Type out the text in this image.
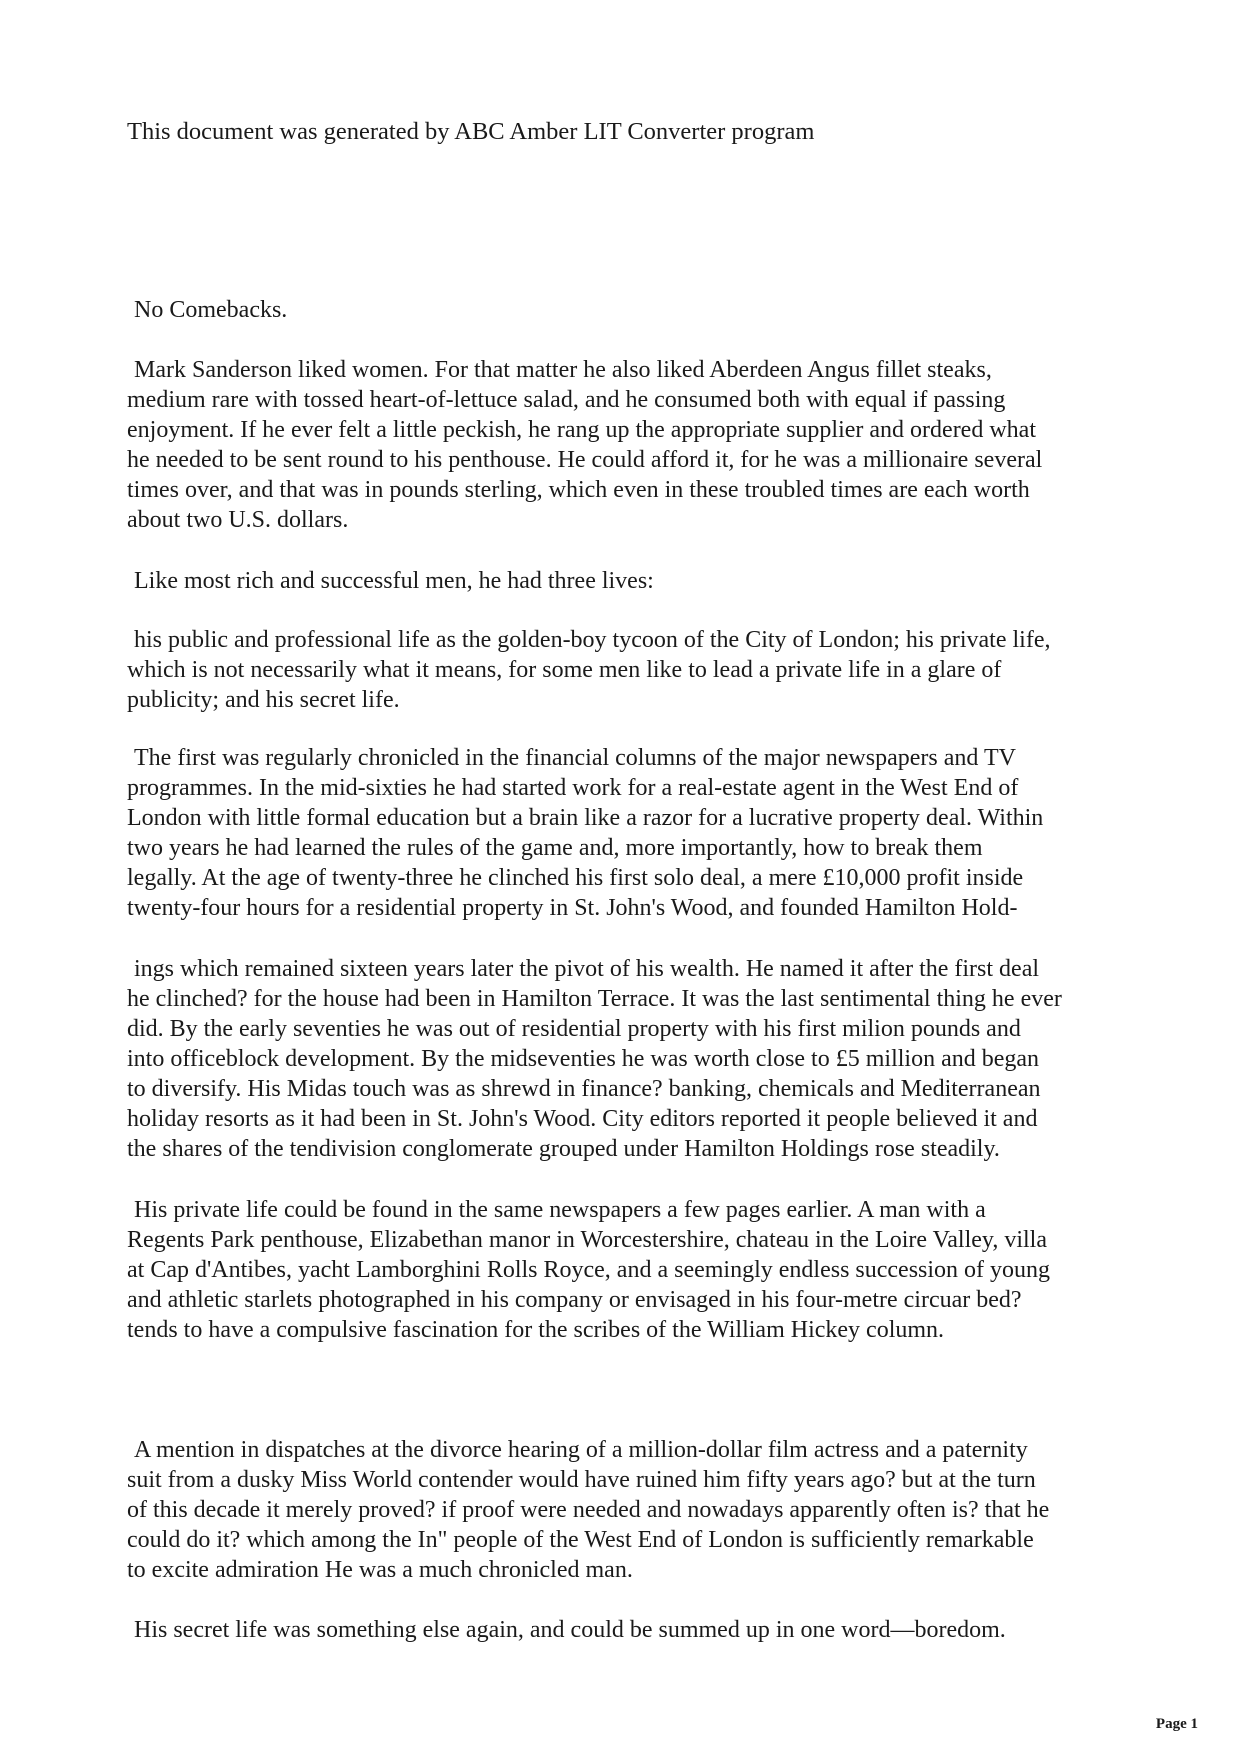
This document was generated by ABC Amber LIT Converter program

No Comebacks.

Mark Sanderson liked women. For that matter he also liked Aberdeen Angus fillet steaks,
medium rare with tossed heart-of-lettuce salad, and he consumed both with equal if passing
enjoyment. If he ever felt a little peckish, he rang up the appropriate supplier and ordered what
he needed to be sent round to his penthouse. He could afford it, for he was a millionaire several
times over, and that was in pounds sterling, which even in these troubled times are each worth
about two U.S. dollars.

Like most rich and successful men, he had three lives:

his public and professional life as the golden-boy tycoon of the City of London; his private life,
which is not necessarily what it means, for some men like to lead a private life in a glare of
publicity; and his secret life.

The first was regularly chronicled in the financial columns of the major newspapers and TV
programmes. In the mid-sixties he had started work for a real-estate agent in the West End of
London with little formal education but a brain like a razor for a lucrative property deal. Within
two years he had learned the rules of the game and, more importantly, how to break them
legally. At the age of twenty-three he clinched his first solo deal, a mere £10,000 profit inside
twenty-four hours for a residential property in St. John's Wood, and founded Hamilton Hold-

ings which remained sixteen years later the pivot of his wealth. He named it after the first deal
he clinched? for the house had been in Hamilton Terrace. It was the last sentimental thing he ever
did. By the early seventies he was out of residential property with his first milion pounds and
into officeblock development. By the midseventies he was worth close to £5 million and began
to diversify. His Midas touch was as shrewd in finance? banking, chemicals and Mediterranean
holiday resorts as it had been in St. John's Wood. City editors reported it people believed it and
the shares of the tendivision conglomerate grouped under Hamilton Holdings rose steadily.

His private life could be found in the same newspapers a few pages earlier. A man with a
Regents Park penthouse, Elizabethan manor in Worcestershire, chateau in the Loire Valley, villa
at Cap d'Antibes, yacht Lamborghini Rolls Royce, and a seemingly endless succession of young
and athletic starlets photographed in his company or envisaged in his four-metre circuar bed?
tends to have a compulsive fascination for the scribes of the William Hickey column.

A mention in dispatches at the divorce hearing of a million-dollar film actress and a paternity
suit from a dusky Miss World contender would have ruined him fifty years ago? but at the turn
of this decade it merely proved? if proof were needed and nowadays apparently often is? that he
could do it? which among the In" people of the West End of London is sufficiently remarkable
to excite admiration He was a much chronicled man.

His secret life was something else again, and could be summed up in one word—boredom.

Page 1
